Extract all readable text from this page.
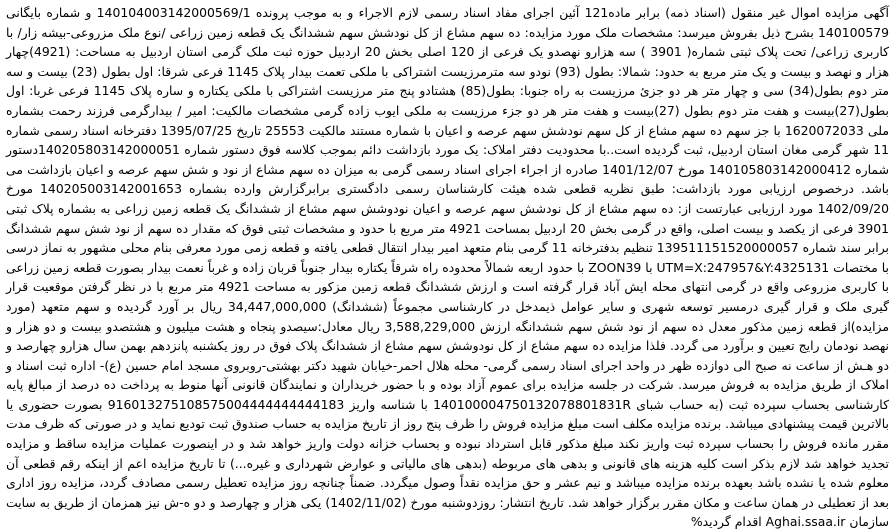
آگهی مزایده اموال غیر منقول (اسناد ذمه) برابر ماده121 آئین اجرای مفاد اسناد رسمی لازم الاجراء و به موجب پرونده 140104003142000569/1 و شماره بایگانی 140100579 بشرح ذیل بفروش میرسد: مشخصات ملک مورد مزایده: ده سهم مشاع از کل نودشش سهم ششدانگ یک قطعه زمین زراعی /نوع ملک مزروعی-بیشه زار/ با کاربری زراعی/ تحت پلاک ثبتی شماره( 3901 ) سه هزارو نهصدو یک فرعی از 120 اصلی بخش 20 اردبیل حوزه ثبت ملک گرمی استان اردبیل به مساحت: (4921)چهار هزار و نهصد و بیست و یک متر مربع به حدود: شمالا: بطول (93) نودو سه مترمرزیست اشتراکی با ملکی تعمت بیدار پلاک 1145 فرعی شرقا: اول بطول (23) بیست و سه متر دوم بطول(34) سی و چهار متر هر دو جزئ مرزیست به راه جنوبا: بطول(85) هشتادو پنج متر مرزیست اشتراکی با ملکی یکتاره و ساره پلاک 1145 فرعی غربا: اول بطول(27)بیست و هفت متر دوم بطول (27)بیست و هفت متر هر دو جزء مرزیست به ملکی ایوب زاده گرمی مشخصات مالکیت: امیر / بیدارگرمی فرزند رحمت بشماره ملی 1620072033 با جز سهم ده سهم مشاع از کل سهم نودشش سهم عرصه و اعیان با شماره مستند مالکیت 25553 تاریخ 1395/07/25 دفترخانه اسناد رسمی شماره 11 شهر گرمی مغان استان اردبیل، ثبت گردیده است..با محدودیت دفتر املاک: یک مورد بازداشت دائم بموجب کلاسه فوق دستور شماره 140205803142000051دستور شماره 140105803142000412 مورخ 1401/12/07 صادره از اجراء اجرای اسناد رسمی گرمی به میزان ده سهم مشاع از نود و شش سهم عرصه و اعیان بازداشت می باشد. درخصوص ارزیابی مورد بازداشت: طبق نظریه قطعی شده هیئت کارشناسان رسمی دادگستری برابرگزارش وارده بشماره 140205003142001653 مورخ 1402/09/20 مورد ارزیابی عبارتست از: ده سهم مشاع از کل نودشش سهم عرصه و اعیان نودوشش سهم مشاع از ششدانگ یک قطعه زمین زراعی به بشماره پلاک ثبتی 3901 فرعی از یکصد و بیست اصلی، واقع در گرمی بخش 20 اردبیل بمساحت 4921 متر مربع با حدود و مشخصات ثبتی فوق که مقدار ده سهم از نود شش سهم ششدانگ برابر سند شماره 139511151520000057 تنظیم بدفترخانه 11 گرمی بنام متعهد امیر بیدار انتقال قطعی یافته و قطعه زمی مورد معرفی بنام محلی مشهور به نماز درسی با مختصات UTM=X:247957&Y:4325131 با ZOON39 با حدود اربعه شمالاً محدوده راه شرقاً یکتاره بیدار جنوباً قربان زاده و غرباً نعمت بیدار بصورت قطعه زمین زراعی با کاربری مزروعی واقع در گرمی انتهای محله ایش آباد قرار گرفته است و ارزش ششدانگ قطعه زمین مزکور به مساحت 4921 متر مربع با در نظر گرفتن موقعیت قرار گیری ملک و قرار گیری درمسیر توسعه شهری و سایر عوامل ذیمدخل در کارشناسی مجموعاً (ششدانگ) 34,447,000,000 ریال بر آورد گردیده و سهم متعهد (مورد مزایده)از قطعه زمین مذکور معدل ده سهم از نود شش سهم ششدانگه ارزش 3,588,229,000 ریال معادل:سیصدو پنجاه و هشت میلیون و هشتصدو بیست و دو هزار و نهصد نودمان رایج تعیین و برآورد می گردد. فلذا مزایده ده سهم مشاع از کل نودوشش سهم مشاع از ششدانگ پلاک فوق در روز یکشنبه پانزدهم بهمن سال هزارو چهارصد و دو هـش از ساعت نه صبح الی دوازده ظهر در واحد اجرای اسناد رسمی گرمی- محله هلال احمر-خیابان شهید دکتر بهشتی-روبروی مسجد امام حسین (ع)- اداره ثبت اسناد و املاک از طریق مزایده به فروش میرسد. شرکت در جلسه مزایده برای عموم آزاد بوده و با حضور خریداران و نمایندگان قانونی آنها منوط به پرداخت ده درصد از مبالغ پایه کارشناسی بحساب سپرده ثبت (به حساب شبای 140100004750132078801831R با شناسه واریز 916013275108575004444444444183 بصورت حضوری یا بالاترین قیمت پیشنهادی میباشد. برنده مزایده مکلف است مبلغ مزایده فروش را ظرف پنج روز از تاریخ مزایده به حساب صندوق ثبت تودیع نماید و در صورتی که ظرف مدت مقرر مانده فروش را بحساب سپرده ثبت واریز نکند مبلغ مذکور قابل استرداد نبوده و بحساب خزانه دولت واریز خواهد شد و در اینصورت عملیات مزایده ساقط و مزایده تجدید خواهد شد لازم بذکر است کلیه هزینه های قانونی و بدهی های مربوطه (بدهی های مالیاتی و عوارض شهرداری و غیره...) تا تاریخ مزایده اعم از اینکه رقم قطعی آن معلوم شده یا نشده باشد بعهده برنده مزایده میباشد و نیم عشر و حق مزایده نقداً وصول میگردد. ضمناً چنانچه روز مزایده تعطیل رسمی مصادف گردد، مزایده روز اداری بعد از تعطیلی در همان ساعت و مکان مقرر برگزار خواهد شد. تاریخ انتشار: روزدوشنبه مورخ (1402/11/02) یکی هزار و چهارصد و دو ه-ش نیز همزمان از طریق به سایت سازمان Aghai.ssaa.ir اقدام گردید%
